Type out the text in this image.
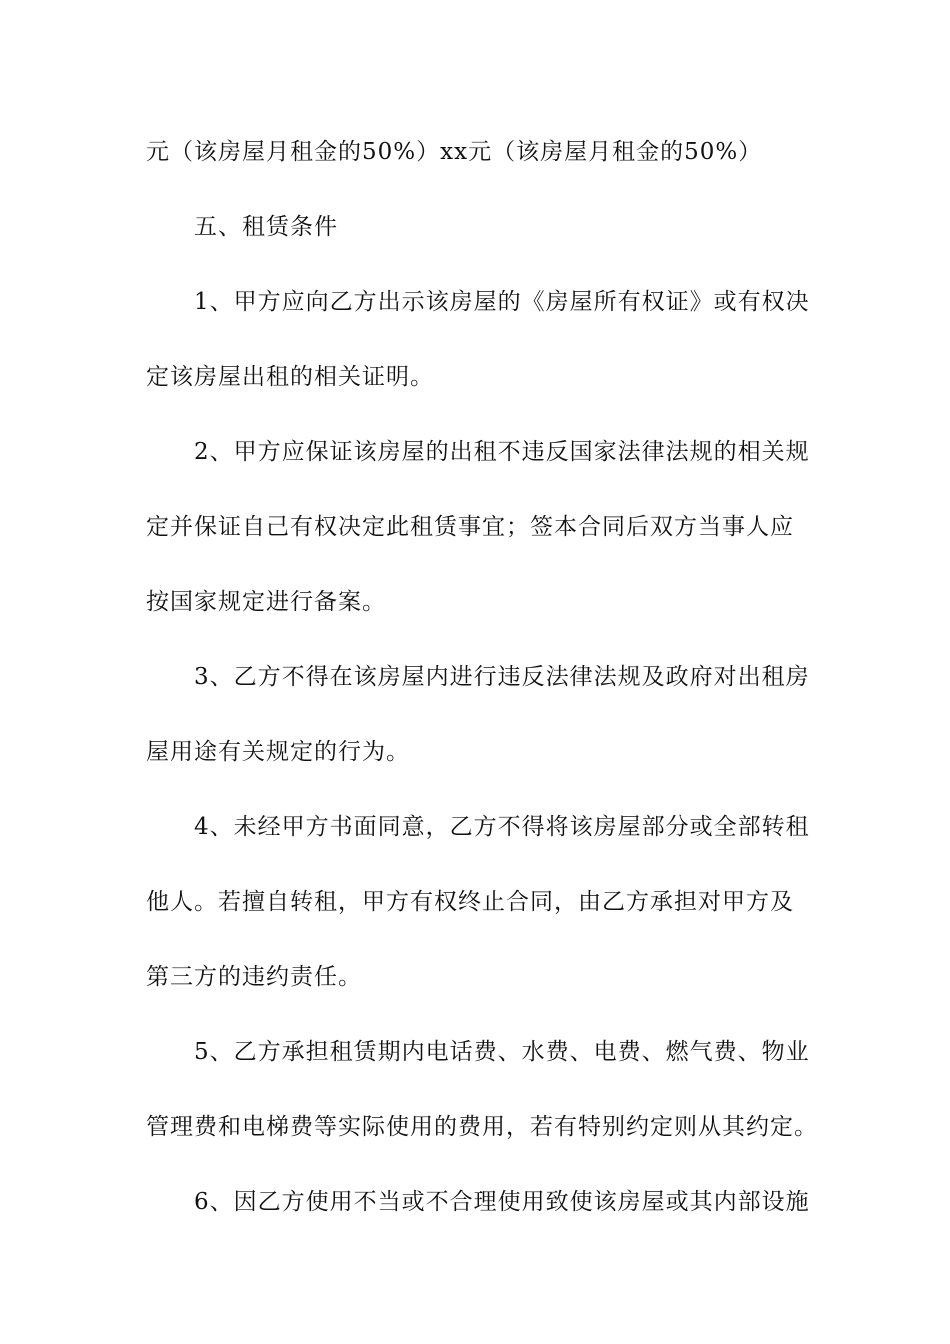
元（该房屋月租金的50%）xx元（该房屋月租金的50%）
五、租赁条件
1、甲方应向乙方出示该房屋的《房屋所有权证》或有权决
定该房屋出租的相关证明。
2、甲方应保证该房屋的出租不违反国家法律法规的相关规
定并保证自己有权决定此租赁事宜；签本合同后双方当事人应
按国家规定进行备案。
3、乙方不得在该房屋内进行违反法律法规及政府对出租房
屋用途有关规定的行为。
4、未经甲方书面同意，乙方不得将该房屋部分或全部转租
他人。若擅自转租，甲方有权终止合同，由乙方承担对甲方及
第三方的违约责任。
5、乙方承担租赁期内电话费、水费、电费、燃气费、物业
管理费和电梯费等实际使用的费用，若有特别约定则从其约定。
6、因乙方使用不当或不合理使用致使该房屋或其内部设施
